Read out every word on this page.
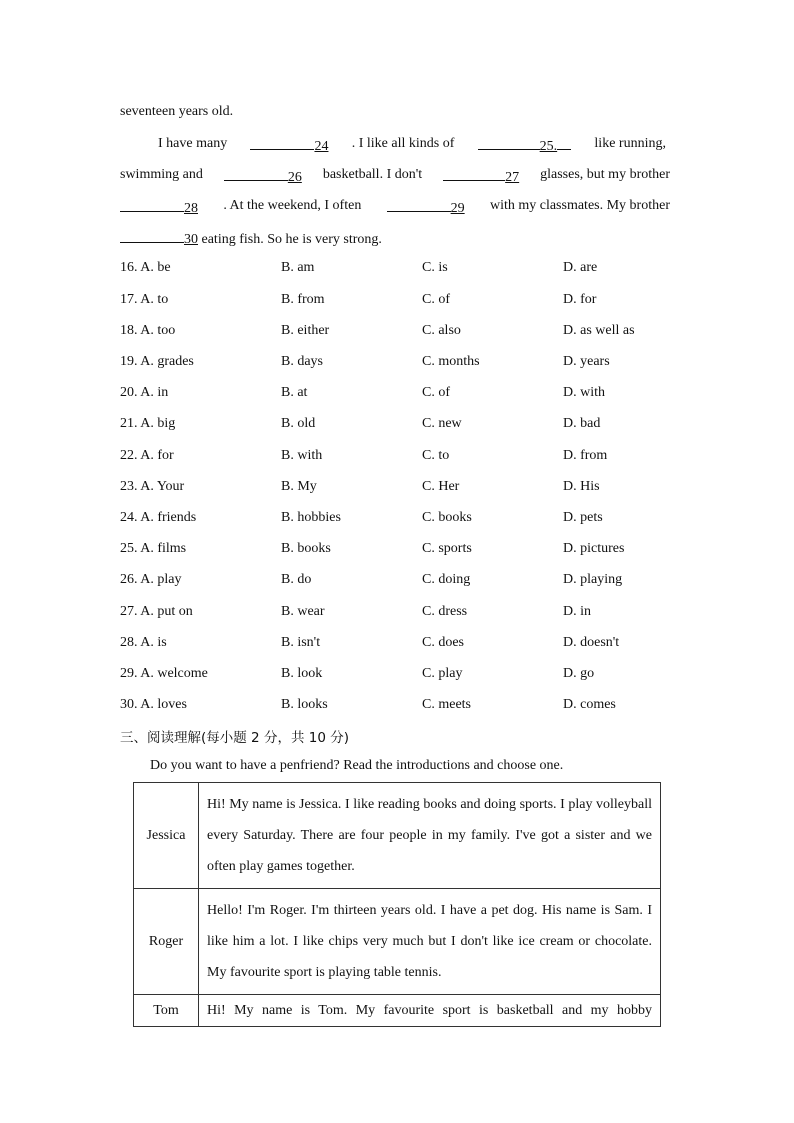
seventeen years old.
I have many	24 . I like all kinds of	25.	like running,
swimming and	26 basketball. I don't	27 glasses, but my brother
28 . At the weekend, I often	29 with my classmates. My brother
30 eating fish. So he is very strong.
16. A. be	B. am	C. is	D. are
17. A. to	B. from	C. of	D. for
18. A. too	B. either	C. also	D. as well as
19. A. grades	B. days	C. months	D. years
20. A. in	B. at	C. of	D. with
21. A. big	B. old	C. new	D. bad
22. A. for	B. with	C. to	D. from
23. A. Your	B. My	C. Her	D. His
24. A. friends	B. hobbies	C. books	D. pets
25. A. films	B. books	C. sports	D. pictures
26. A. play	B. do	C. doing	D. playing
27. A. put on	B. wear	C. dress	D. in
28. A. is	B. isn't	C. does	D. doesn't
29. A. welcome	B. look	C. play	D. go
30. A. loves	B. looks	C. meets	D. comes
三、阅读理解(每小题 2 分，共 10 分)
Do you want to have a penfriend? Read the introductions and choose one.
Jessica	Hi! My name is Jessica. I like reading books and doing sports. I play volleyball every Saturday. There are four people in my family. I've got a sister and we often play games together.
Roger	Hello! I'm Roger. I'm thirteen years old. I have a pet dog. His name is Sam. I like him a lot. I like chips very much but I don't like ice cream or chocolate. My favourite sport is playing table tennis.
Tom	Hi! My name is Tom. My favourite sport is basketball and my hobby
